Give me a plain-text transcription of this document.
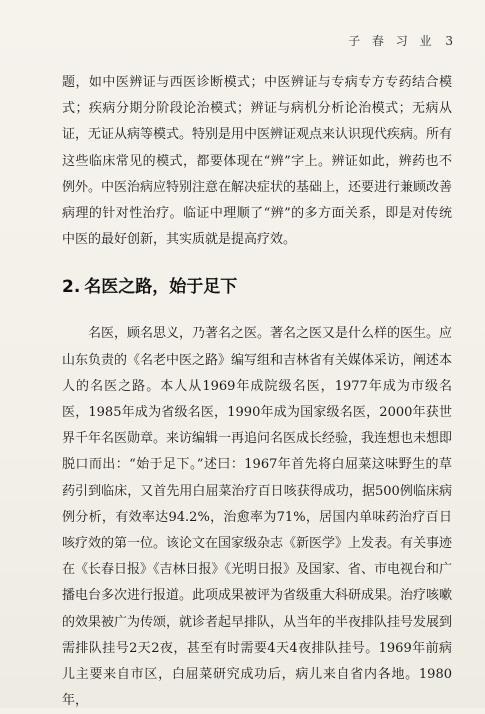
子 春 习 业 3

题，如中医辨证与西医诊断模式；中医辨证与专病专方专药结合模式；疾病分期分阶段论治模式；辨证与病机分析论治模式；无病从证，无证从病等模式。特别是用中医辨证观点来认识现代疾病。所有这些临床常见的模式，都要体现在“辨”字上。辨证如此，辨药也不例外。中医治病应特别注意在解决症状的基础上，还要进行兼顾改善病理的针对性治疗。临证中理顺了“辨”的多方面关系，即是对传统中医的最好创新，其实质就是提高疗效。

2. 名医之路，始于足下

名医，顾名思义，乃著名之医。著名之医又是什么样的医生。应山东负责的《名老中医之路》编写组和吉林省有关媒体采访，阐述本人的名医之路。本人从1969年成院级名医，1977年成为市级名医，1985年成为省级名医，1990年成为国家级名医，2000年获世界千年名医勋章。来访编辑一再追问名医成长经验，我连想也未想即脱口而出：“始于足下。”述曰：1967年首先将白屈菜这味野生的草药引到临床，又首先用白屈菜治疗百日咳获得成功，据500例临床病例分析，有效率达94.2%，治愈率为71%，居国内单味药治疗百日咳疗效的第一位。该论文在国家级杂志《新医学》上发表。有关事迹在《长春日报》《吉林日报》《光明日报》及国家、省、市电视台和广播电台多次进行报道。此项成果被评为省级重大科研成果。治疗咳嗽的效果被广为传颂，就诊者起早排队，从当年的半夜排队挂号发展到需排队挂号2天2夜，甚至有时需要4天4夜排队挂号。1969年前病儿主要来自市区，白屈菜研究成功后，病儿来自省内各地。1980年，
